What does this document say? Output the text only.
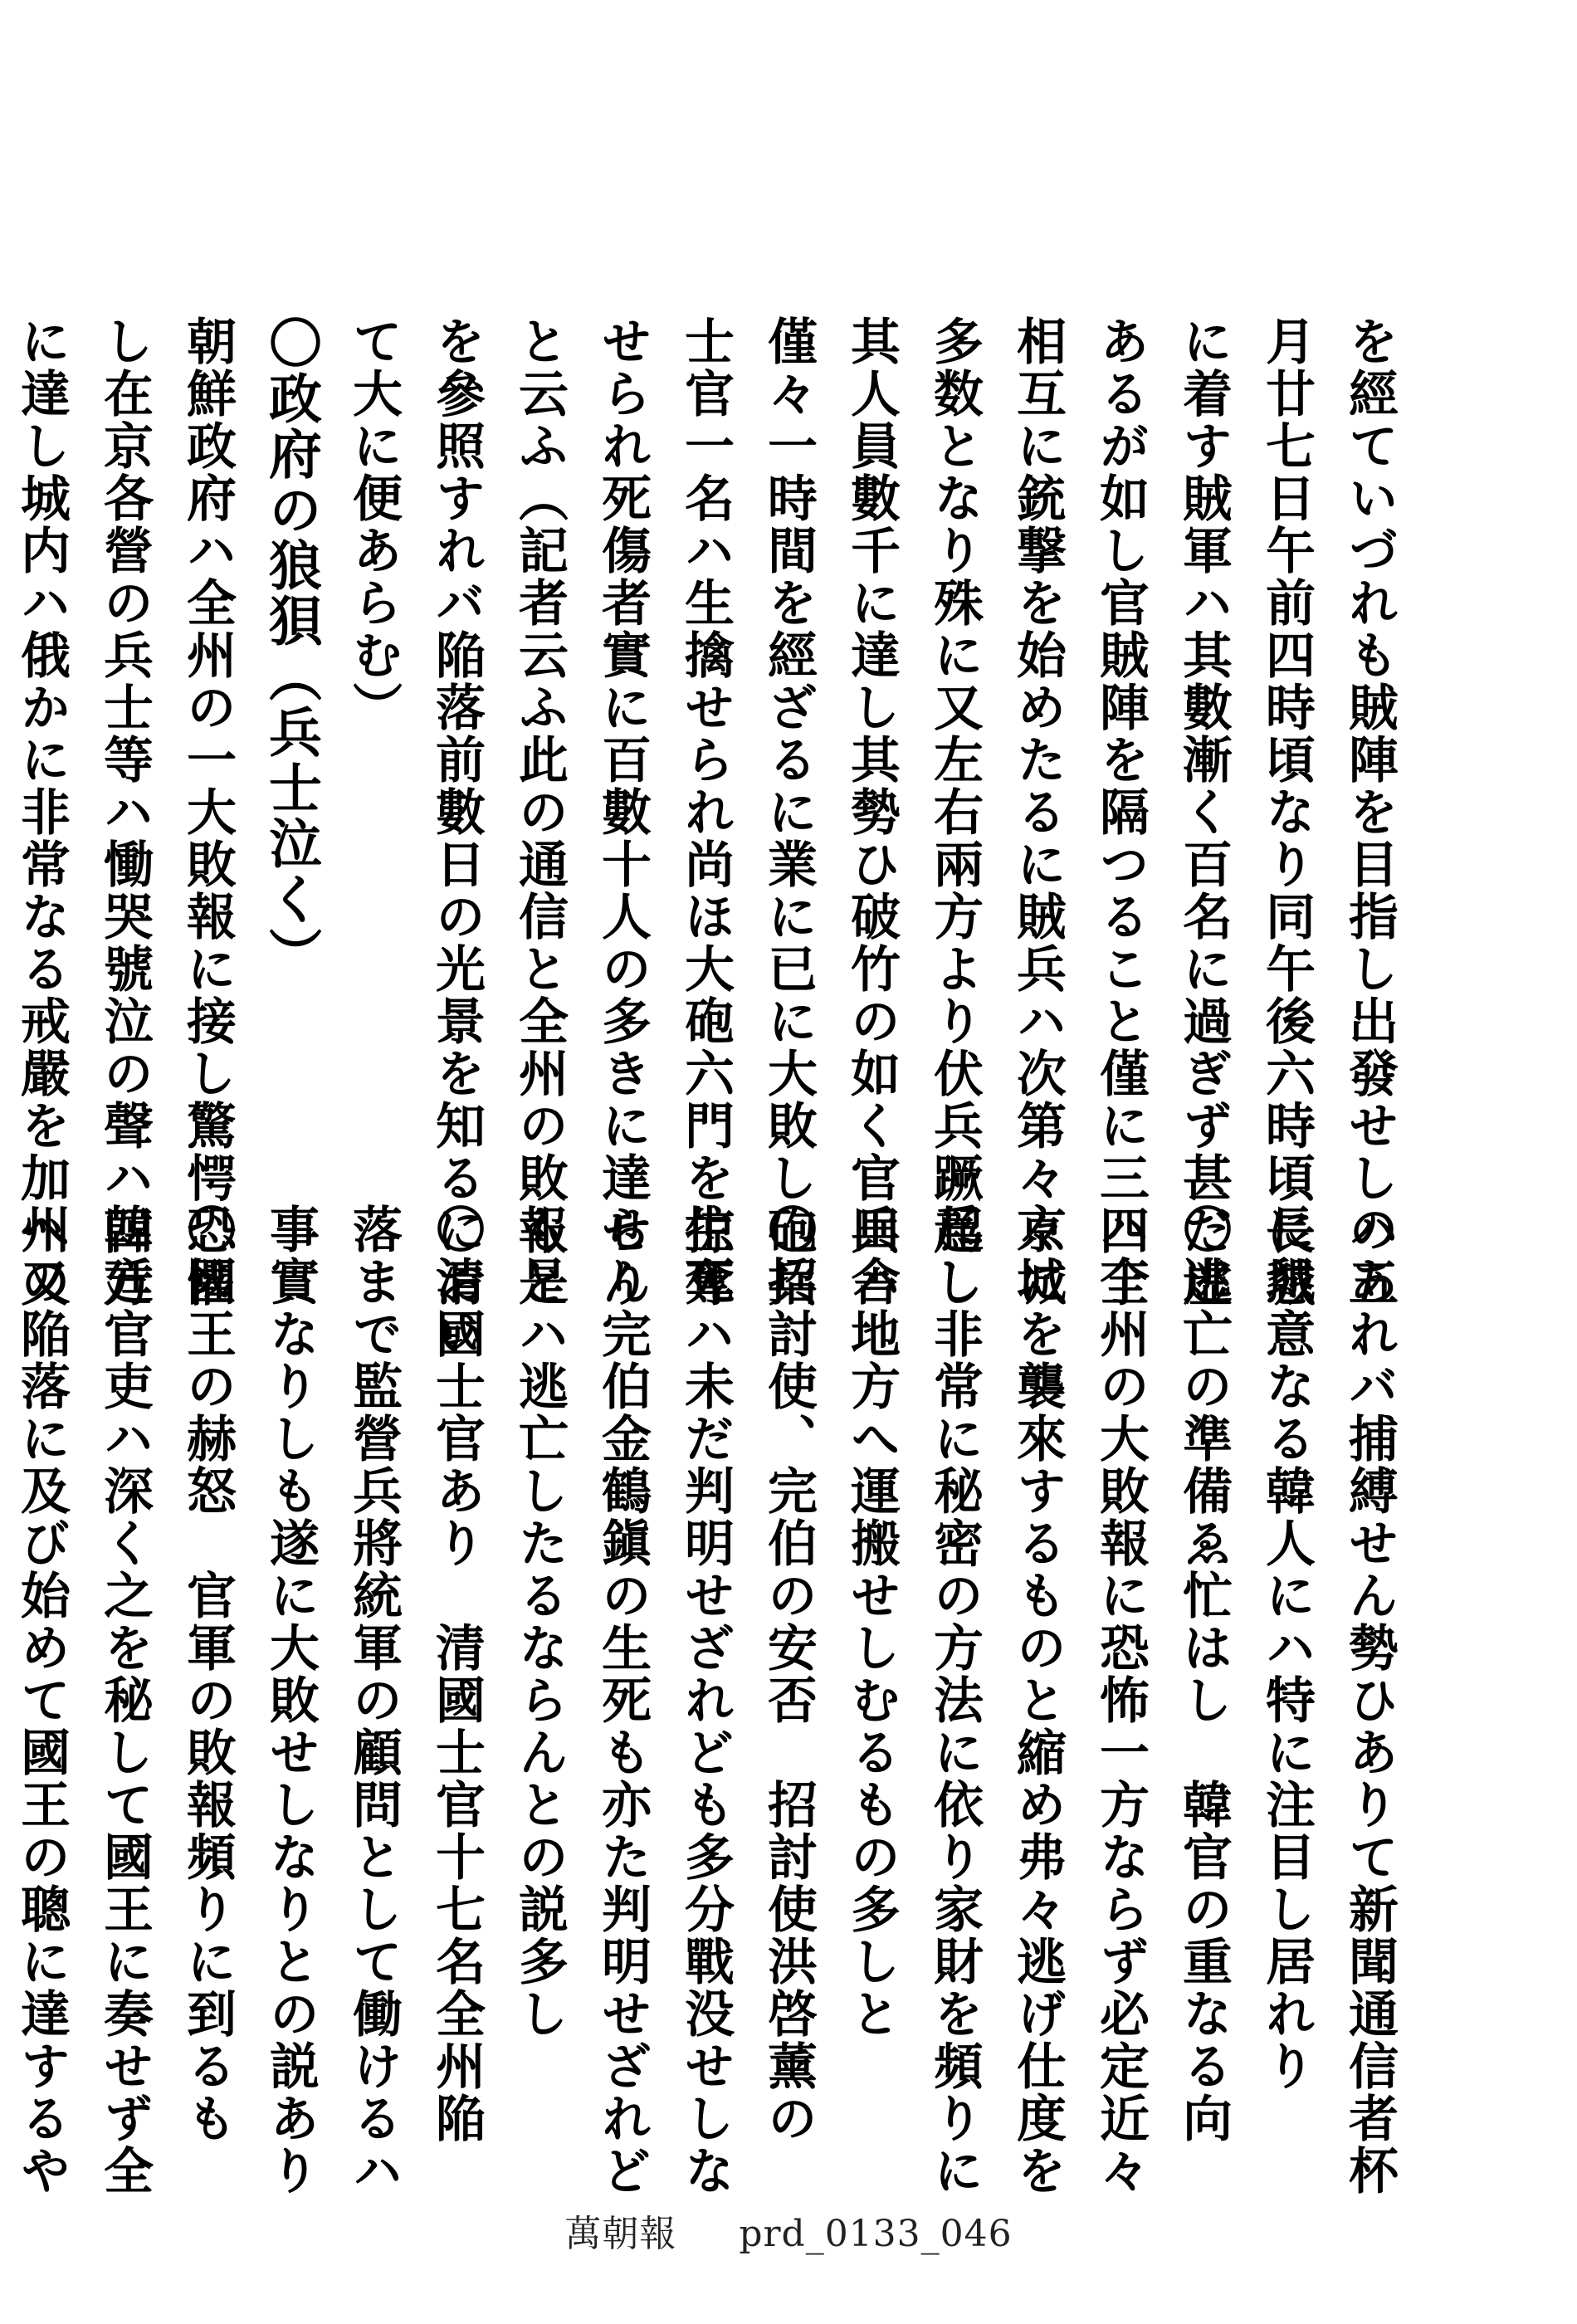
を經ていづれも賊陣を目指し出發せしハ五
月廿七日午前四時頃なり同午後六時頃長城
に着す賊軍ハ其數漸く百名に過ぎず甚だ虚
あるが如し官賊陣を隔つること僅に三四丁
相互に銃撃を始めたるに賊兵ハ次第々々に
多数となり殊に又左右兩方より伏兵蹶起し
其人員數千に達し其勢ひ破竹の如く官兵ハ
僅々一時間を經ざるに業に已に大敗し砲兵
士官一名ハ生擒せられ尚ほ大砲六門を掠奪
せられ死傷者實に百數十人の多きに達せり
と云ふ（記者云ふ此の通信と全州の敗報と
を參照すれバ陥落前數日の光景を知るにおい
て大に便あらむ）
〇政府の狼狽（兵士泣く）
朝鮮政府ハ全州の一大敗報に接し驚愕恐懼
し在京各營の兵士等ハ慟哭號泣の聲ハ四方
に達し城内ハ俄かに非常なる戒嚴を加へ又
のあれバ捕縛せん勢ひありて新聞通信者杯
に懇意なる韓人にハ特に注目し居れり
〇逃亡の準備ゑ忙はし　韓官の重なる向
ハ全州の大敗報に恐怖一方ならず必定近々
京城を襲來するものと縮め弗々逃げ仕度を
爲し非常に秘密の方法に依り家財を頻りに
田舎地方へ運搬せしむるもの多しと
〇招討使、完伯の安否　招討使洪啓薰の
生死ハ未だ判明せざれども多分戰没せしな
らん完伯金鶴鎭の生死も亦た判明せざれど
も是ハ逃亡したるならんとの説多し
〇清國士官あり　清國士官十七名全州陥
落まで監營兵將統軍の顧問として働けるハ
事實なりしも遂に大敗せしなりとの説あり
〇國王の赫怒　官軍の敗報頻りに到るも
韓廷官吏ハ深く之を秘して國王に奏せず全
州の陥落に及び始めて國王の聰に達するや
萬朝報 prd_0133_046
